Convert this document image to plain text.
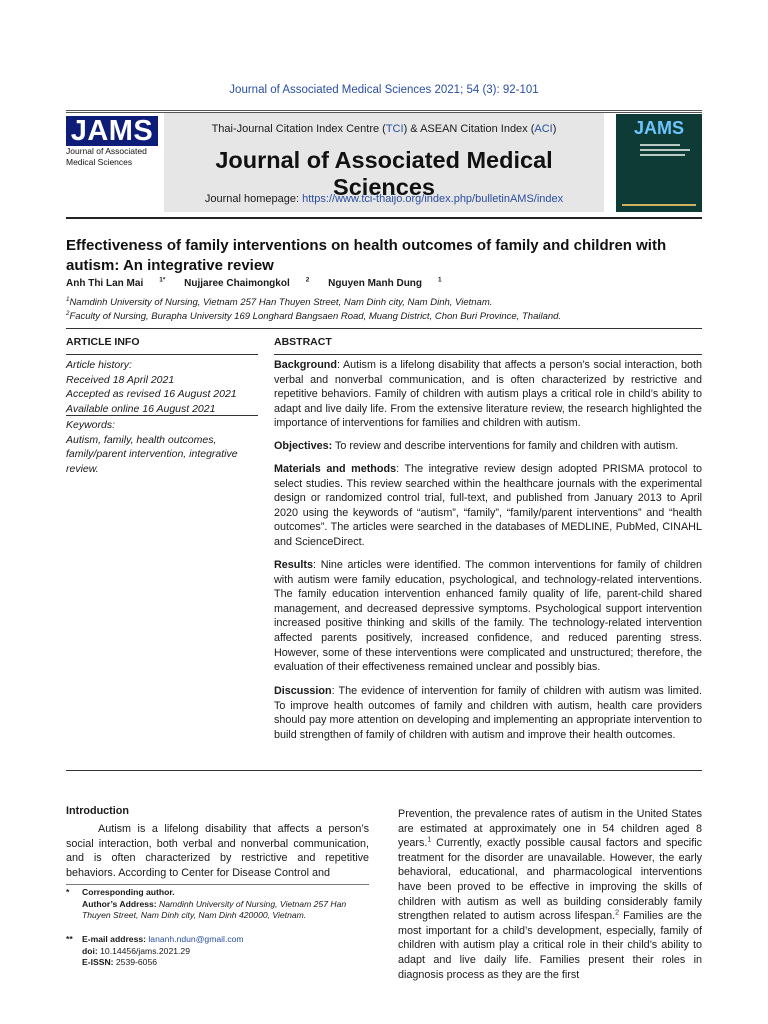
Journal of Associated Medical Sciences 2021; 54 (3): 92-101
JAMS
Journal of Associated Medical Sciences
Thai-Journal Citation Index Centre (TCI) & ASEAN Citation Index (ACI)
Journal of Associated Medical Sciences
Journal homepage: https://www.tci-thaijo.org/index.php/bulletinAMS/index
JAMS
Effectiveness of family interventions on health outcomes of family and children with autism: An integrative review
Anh Thi Lan Mai $^{1*}$ Nujjaree Chaimongkol $^2$ Nguyen Manh Dung $^1$
$^1$Namdinh University of Nursing, Vietnam 257 Han Thuyen Street, Nam Dinh city, Nam Dinh, Vietnam.
$^2$Faculty of Nursing, Burapha University 169 Longhard Bangsaen Road, Muang District, Chon Buri Province, Thailand.
ARTICLE INFO	ABSTRACT
Article history:
Received 18 April 2021
Accepted as revised 16 August 2021
Available online 16 August 2021
Keywords:
Autism, family, health outcomes, family/parent intervention, integrative review.
Background: Autism is a lifelong disability that affects a person’s social interaction, both verbal and nonverbal communication, and is often characterized by restrictive and repetitive behaviors. Family of children with autism plays a critical role in child’s ability to adapt and live daily life. From the extensive literature review, the research highlighted the importance of interventions for families and children with autism.
Objectives: To review and describe interventions for family and children with autism.
Materials and methods: The integrative review design adopted PRISMA protocol to select studies. This review searched within the healthcare journals with the experimental design or randomized control trial, full-text, and published from January 2013 to April 2020 using the keywords of “autism”, “family”, “family/parent interventions” and “health outcomes”. The articles were searched in the databases of MEDLINE, PubMed, CINAHL and ScienceDirect.
Results: Nine articles were identified. The common interventions for family of children with autism were family education, psychological, and technology-related interventions. The family education intervention enhanced family quality of life, parent-child shared management, and decreased depressive symptoms. Psychological support intervention increased positive thinking and skills of the family. The technology-related intervention affected parents positively, increased confidence, and reduced parenting stress. However, some of these interventions were complicated and unstructured; therefore, the evaluation of their effectiveness remained unclear and possibly bias.
Discussion: The evidence of intervention for family of children with autism was limited. To improve health outcomes of family and children with autism, health care providers should pay more attention on developing and implementing an appropriate intervention to build strengthen of family of children with autism and improve their health outcomes.
Introduction
Autism is a lifelong disability that affects a person’s social interaction, both verbal and nonverbal communication, and is often characterized by restrictive and repetitive behaviors. According to Center for Disease Control and
Prevention, the prevalence rates of autism in the United States are estimated at approximately one in 54 children aged 8 years.$^1$ Currently, exactly possible causal factors and specific treatment for the disorder are unavailable. However, the early behavioral, educational, and pharmacological interventions have been proved to be effective in improving the skills of children with autism as well as building considerably family strengthen related to autism across lifespan.$^2$ Families are the most important for a child’s development, especially, family of children with autism play a critical role in their child’s ability to adapt and live daily life. Families present their roles in diagnosis process as they are the first
* Corresponding author.
Author’s Address: Namdinh University of Nursing, Vietnam 257 Han Thuyen Street, Nam Dinh city, Nam Dinh 420000, Vietnam.
** E-mail address: lananh.ndun@gmail.com
doi: 10.14456/jams.2021.29
E-ISSN: 2539-6056
